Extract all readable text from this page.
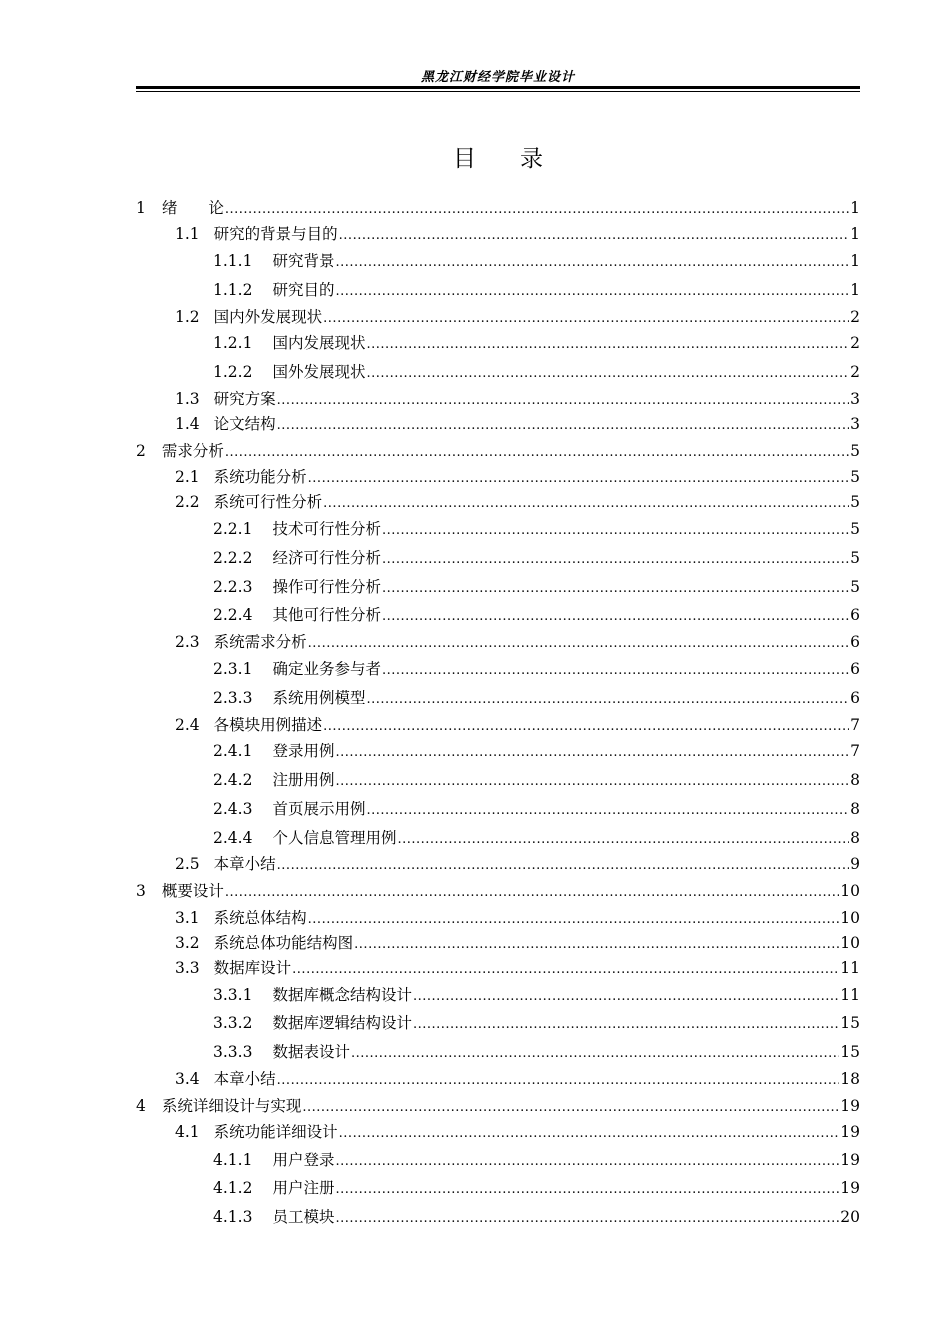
黑龙江财经学院毕业设计
目 录
1 绪　　论 .....	1
1.1 研究的背景与目的 .....	1
1.1.1 研究背景 .....	1
1.1.2 研究目的 .....	1
1.2 国内外发展现状 .....	2
1.2.1 国内发展现状 .....	2
1.2.2 国外发展现状 .....	2
1.3 研究方案 .....	3
1.4 论文结构 .....	3
2 需求分析 .....	5
2.1 系统功能分析 .....	5
2.2 系统可行性分析 .....	5
2.2.1 技术可行性分析 .....	5
2.2.2 经济可行性分析 .....	5
2.2.3 操作可行性分析 .....	5
2.2.4 其他可行性分析 .....	6
2.3 系统需求分析 .....	6
2.3.1 确定业务参与者 .....	6
2.3.3 系统用例模型 .....	6
2.4 各模块用例描述 .....	7
2.4.1 登录用例 .....	7
2.4.2 注册用例 .....	8
2.4.3 首页展示用例 .....	8
2.4.4 个人信息管理用例 .....	8
2.5 本章小结 .....	9
3 概要设计 .....	10
3.1 系统总体结构 .....	10
3.2 系统总体功能结构图 .....	10
3.3 数据库设计 .....	11
3.3.1 数据库概念结构设计 .....	11
3.3.2 数据库逻辑结构设计 .....	15
3.3.3 数据表设计 .....	15
3.4 本章小结 .....	18
4 系统详细设计与实现 .....	19
4.1 系统功能详细设计 .....	19
4.1.1 用户登录 .....	19
4.1.2 用户注册 .....	19
4.1.3 员工模块 .....	20
